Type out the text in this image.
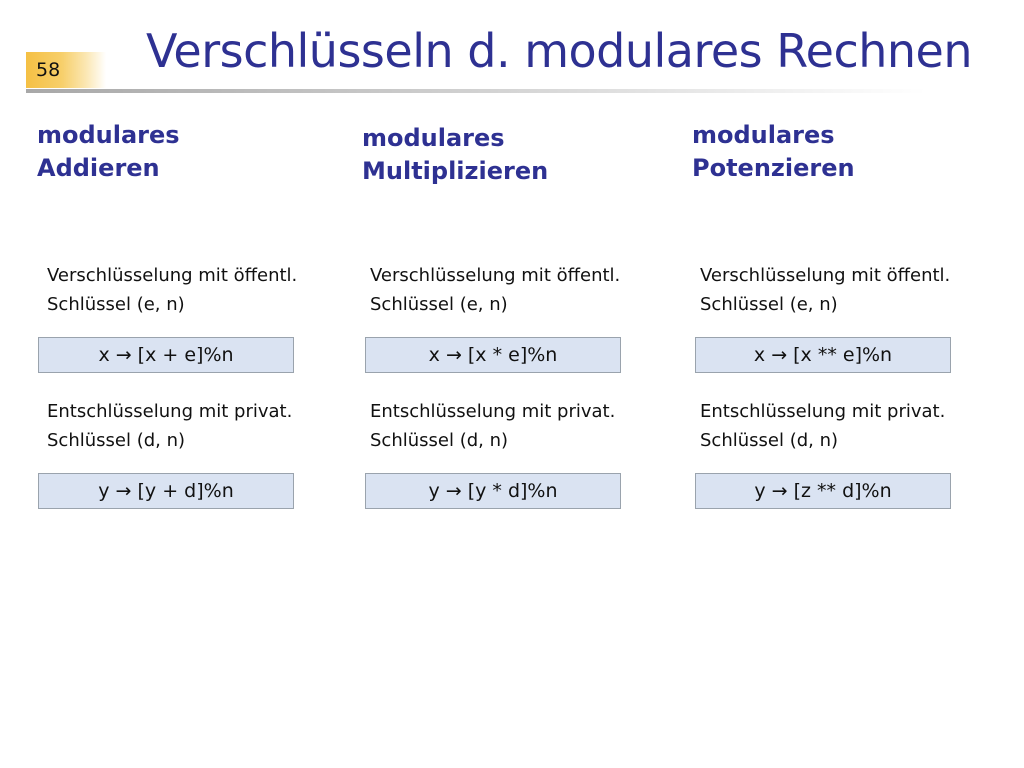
58 Verschlüsseln d. modulares Rechnen
modulares
Addieren
Verschlüsselung mit öffentl.
Schlüssel (e, n)
x → [x + e]%n
Entschlüsselung mit privat.
Schlüssel (d, n)
y → [y + d]%n
modulares
Multiplizieren
Verschlüsselung mit öffentl.
Schlüssel (e, n)
x → [x * e]%n
Entschlüsselung mit privat.
Schlüssel (d, n)
y → [y * d]%n
modulares
Potenzieren
Verschlüsselung mit öffentl.
Schlüssel (e, n)
x → [x ** e]%n
Entschlüsselung mit privat.
Schlüssel (d, n)
y → [z ** d]%n
